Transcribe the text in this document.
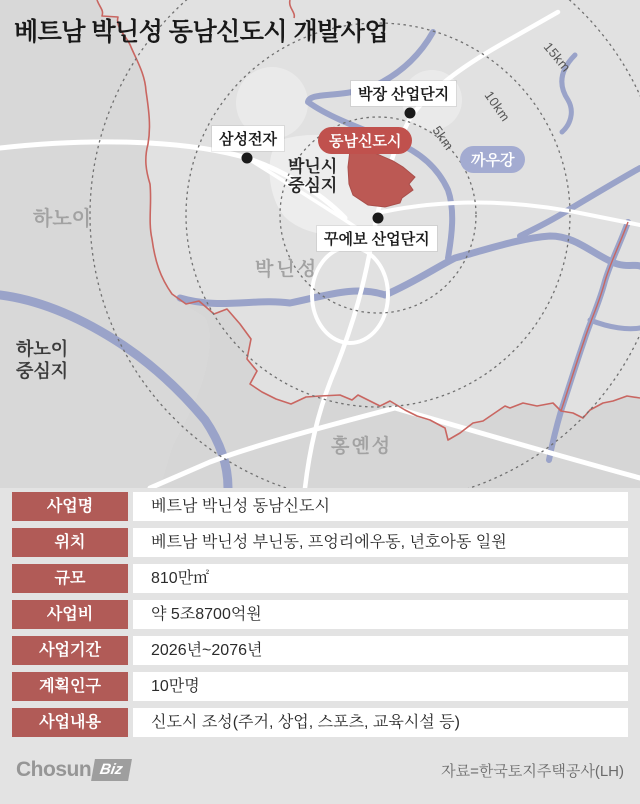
5km
10km
15km
베트남 박닌성 동남신도시 개발사업
하노이
하노이
중심지
박닌시
중심지
박닌성
홍옌성
삼성전자
박장 산업단지
꾸에보 산업단지
동남신도시
까우강
사업명	베트남 박닌성 동남신도시
위치	베트남 박닌성 부닌동, 프엉리에우동, 년호아동 일원
규모	810만㎡
사업비	약 5조8700억원
사업기간	2026년~2076년
계획인구	10만명
사업내용	신도시 조성(주거, 상업, 스포츠, 교육시설 등)
Chosun Biz	자료=한국토지주택공사(LH)
